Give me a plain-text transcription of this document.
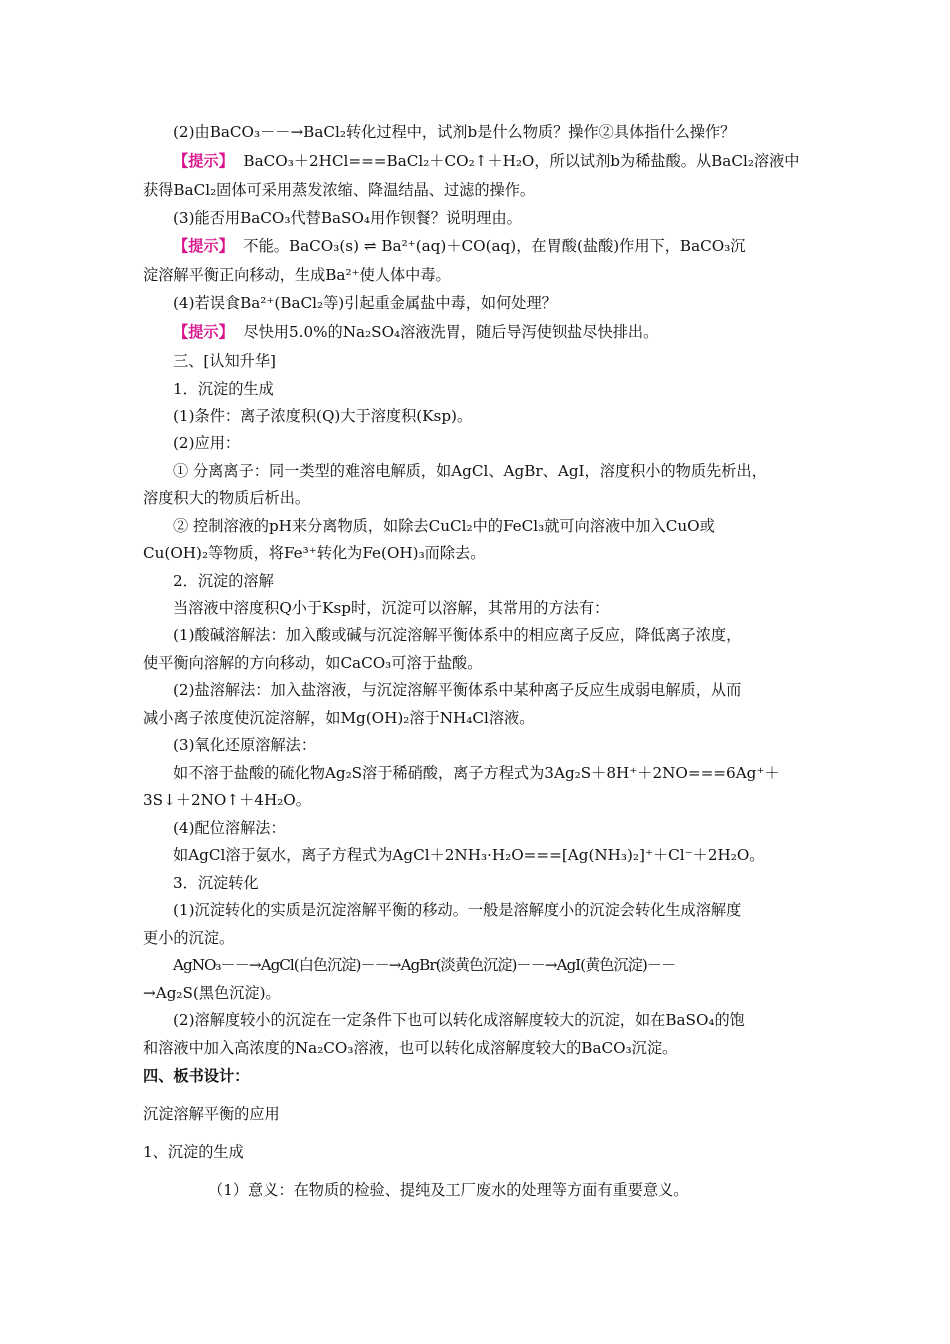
(2)由BaCO₃－－→BaCl₂转化过程中，试剂b是什么物质？操作②具体指什么操作？
【提示】 BaCO₃＋2HCl===BaCl₂＋CO₂↑＋H₂O，所以试剂b为稀盐酸。从BaCl₂溶液中
获得BaCl₂固体可采用蒸发浓缩、降温结晶、过滤的操作。
(3)能否用BaCO₃代替BaSO₄用作钡餐？说明理由。
【提示】 不能。BaCO₃(s) ⇌ Ba²⁺(aq)＋CO(aq)，在胃酸(盐酸)作用下，BaCO₃沉
淀溶解平衡正向移动，生成Ba²⁺使人体中毒。
(4)若误食Ba²⁺(BaCl₂等)引起重金属盐中毒，如何处理？
【提示】 尽快用5.0%的Na₂SO₄溶液洗胃，随后导泻使钡盐尽快排出。
三、[认知升华]
1．沉淀的生成
(1)条件：离子浓度积(Q)大于溶度积(Ksp)。
(2)应用：
① 分离离子：同一类型的难溶电解质，如AgCl、AgBr、AgI，溶度积小的物质先析出，
溶度积大的物质后析出。
② 控制溶液的pH来分离物质，如除去CuCl₂中的FeCl₃就可向溶液中加入CuO或
Cu(OH)₂等物质，将Fe³⁺转化为Fe(OH)₃而除去。
2．沉淀的溶解
当溶液中溶度积Q小于Ksp时，沉淀可以溶解，其常用的方法有：
(1)酸碱溶解法：加入酸或碱与沉淀溶解平衡体系中的相应离子反应，降低离子浓度，
使平衡向溶解的方向移动，如CaCO₃可溶于盐酸。
(2)盐溶解法：加入盐溶液，与沉淀溶解平衡体系中某种离子反应生成弱电解质，从而
减小离子浓度使沉淀溶解，如Mg(OH)₂溶于NH₄Cl溶液。
(3)氧化还原溶解法：
如不溶于盐酸的硫化物Ag₂S溶于稀硝酸，离子方程式为3Ag₂S＋8H⁺＋2NO===6Ag⁺＋
3S↓＋2NO↑＋4H₂O。
(4)配位溶解法：
如AgCl溶于氨水，离子方程式为AgCl＋2NH₃·H₂O===[Ag(NH₃)₂]⁺＋Cl⁻＋2H₂O。
3．沉淀转化
(1)沉淀转化的实质是沉淀溶解平衡的移动。一般是溶解度小的沉淀会转化生成溶解度
更小的沉淀。
AgNO₃－－→AgCl(白色沉淀)－－→AgBr(淡黄色沉淀)－－→AgI(黄色沉淀)－－
→Ag₂S(黑色沉淀)。
(2)溶解度较小的沉淀在一定条件下也可以转化成溶解度较大的沉淀，如在BaSO₄的饱
和溶液中加入高浓度的Na₂CO₃溶液，也可以转化成溶解度较大的BaCO₃沉淀。
四、板书设计：
沉淀溶解平衡的应用
1、沉淀的生成
（1）意义：在物质的检验、提纯及工厂废水的处理等方面有重要意义。
